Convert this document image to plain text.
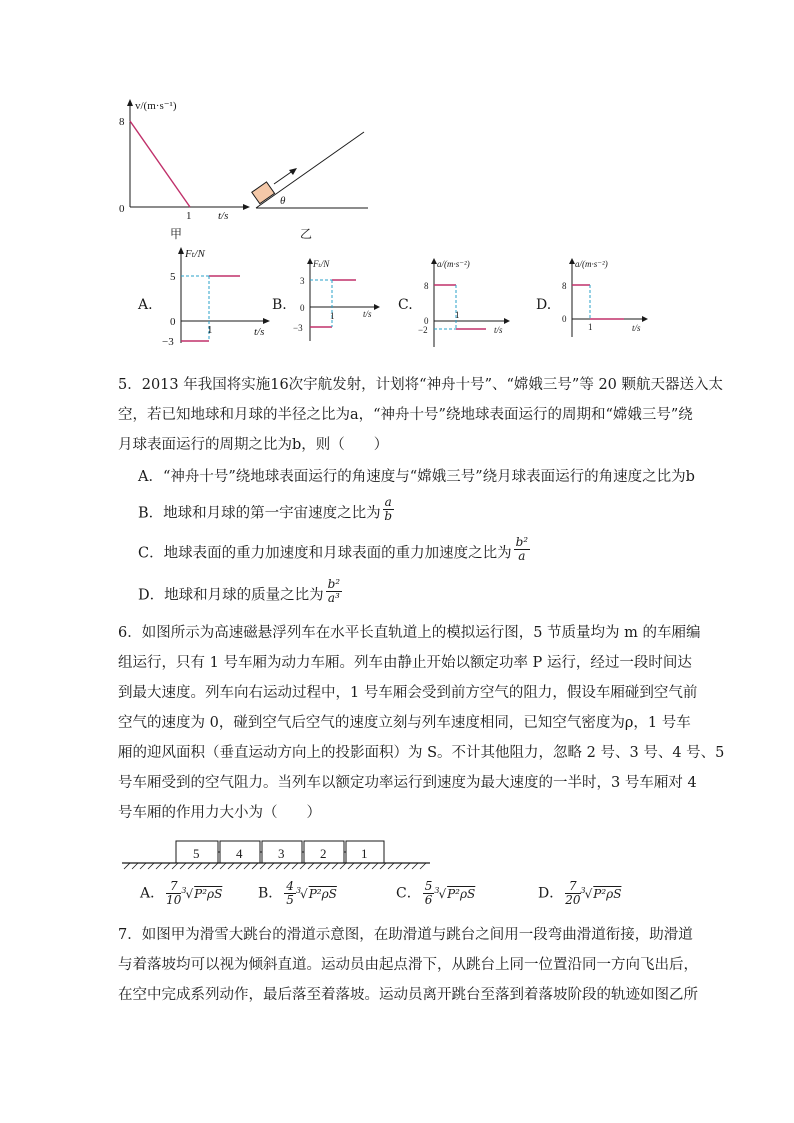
v/(m·s⁻¹)
8
0
1 t/s
甲
θ
乙
A.
Fₜ/N
5
0
−3
1	t/s
B.
Fₜ/N
3
0
−3
1	t/s
C.
a/(m·s⁻²)
8
0
−2
1
t/s
D.
a/(m·s⁻²)
8
0
1	t/s
5．2013 年我国将实施16次宇航发射，计划将“神舟十号”、“嫦娥三号”等 20 颗航天器送入太
空，若已知地球和月球的半径之比为a，“神舟十号”绕地球表面运行的周期和“嫦娥三号”绕
月球表面运行的周期之比为b，则（　　）
A．“神舟十号”绕地球表面运行的角速度与“嫦娥三号”绕月球表面运行的角速度之比为b
B．地球和月球的第一宇宙速度之比为 $\frac{a}{b}$
C．地球表面的重力加速度和月球表面的重力加速度之比为 $\frac{\text{b²}}{a}$
D．地球和月球的质量之比为 $\frac{\text{b²}}{\text{a³}}$
6．如图所示为高速磁悬浮列车在水平长直轨道上的模拟运行图，5 节质量均为 m 的车厢编
组运行，只有 1 号车厢为动力车厢。列车由静止开始以额定功率 P 运行，经过一段时间达
到最大速度。列车向右运动过程中，1 号车厢会受到前方空气的阻力，假设车厢碰到空气前
空气的速度为 0，碰到空气后空气的速度立刻与列车速度相同，已知空气密度为ρ，1 号车
厢的迎风面积（垂直运动方向上的投影面积）为 S。不计其他阻力，忽略 2 号、3 号、4 号、5
号车厢受到的空气阻力。当列车以额定功率运行到速度为最大速度的一半时，3 号车厢对 4
号车厢的作用力大小为（　　）
5	4	3	2	1
A． $\frac{7}{10} ^3√P^2\rho S$	B． $\frac{4}{5} ^3√P^2\rho S$	C． $\frac{5}{6} ^3√P^2\rho S$	D． $\frac{7}{20} ^3√P^2\rho S$
7．如图甲为滑雪大跳台的滑道示意图，在助滑道与跳台之间用一段弯曲滑道衔接，助滑道
与着落坡均可以视为倾斜直道。运动员由起点滑下，从跳台上同一位置沿同一方向飞出后，
在空中完成系列动作，最后落至着落坡。运动员离开跳台至落到着落坡阶段的轨迹如图乙所
